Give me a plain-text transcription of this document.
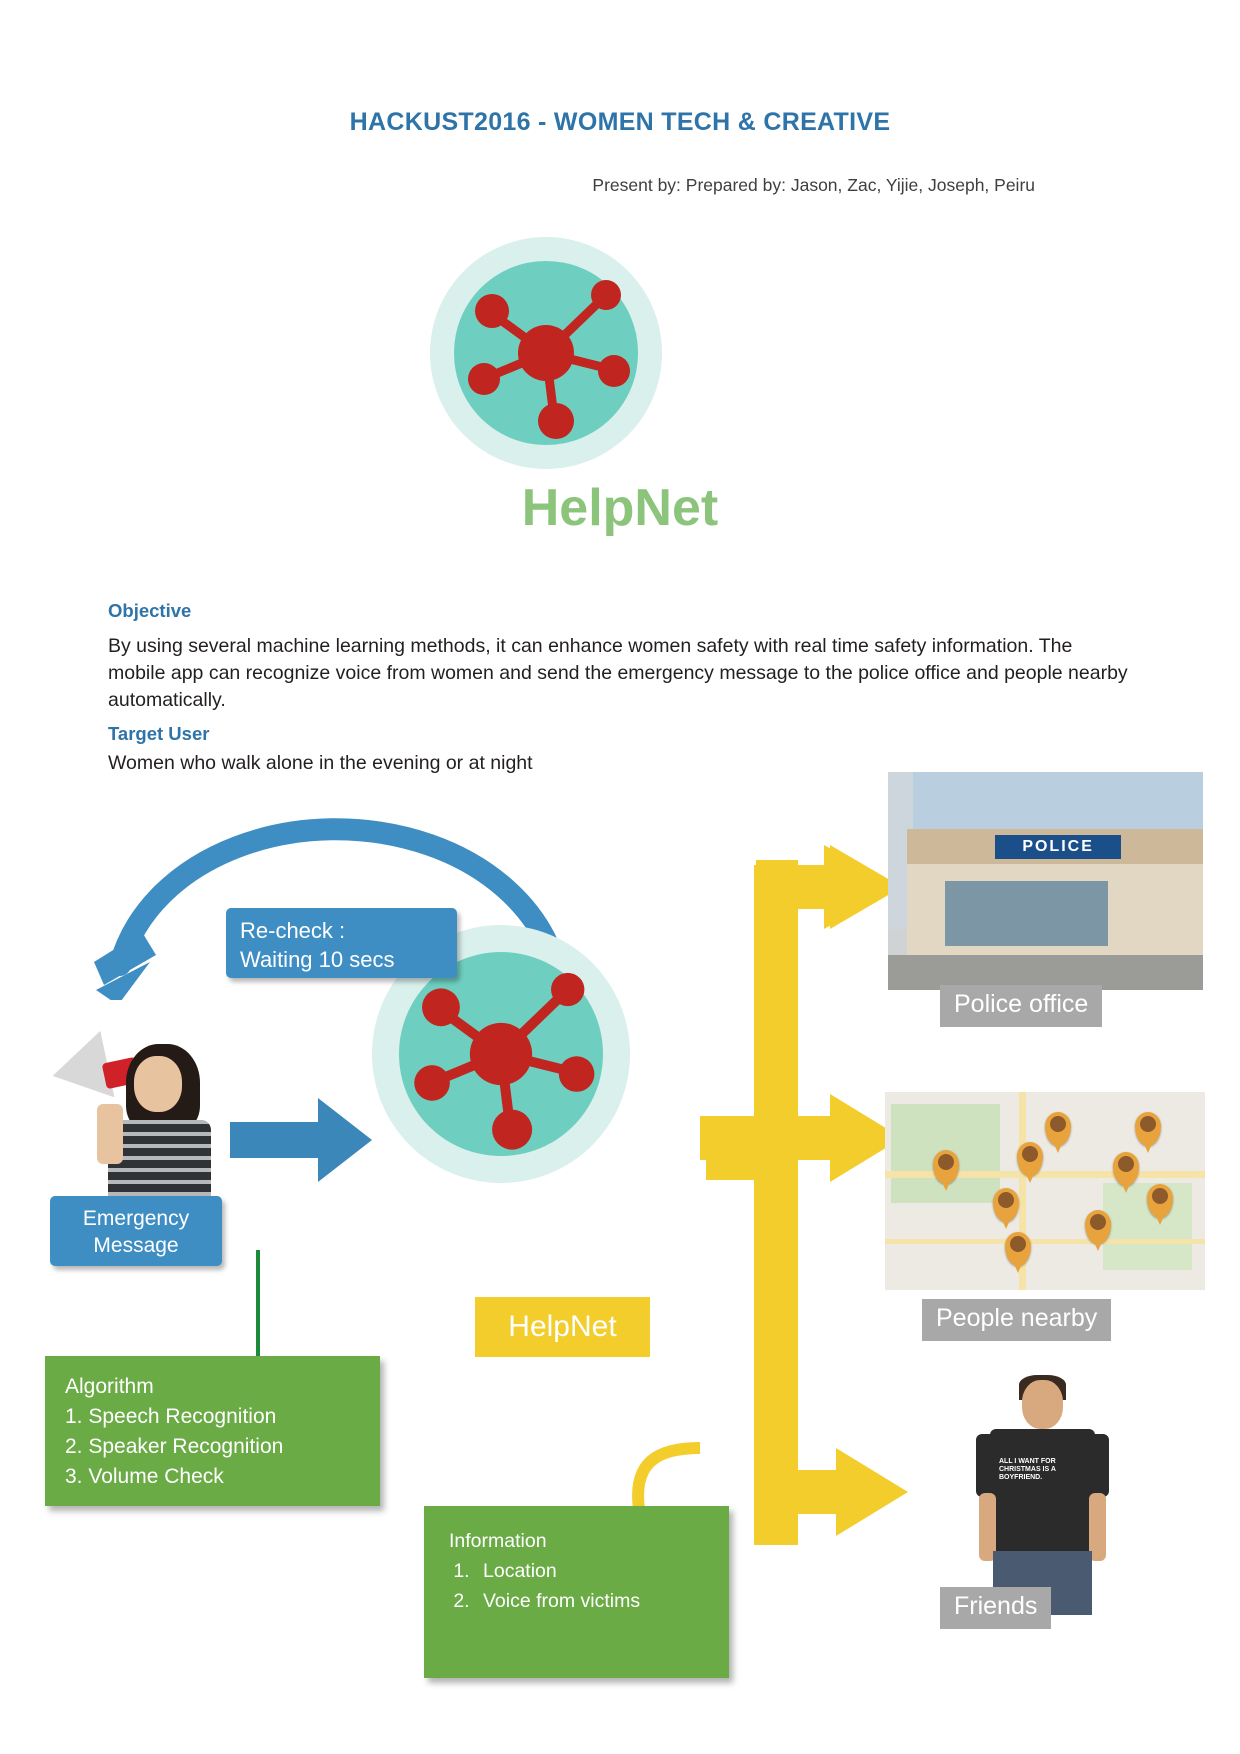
HACKUST2016 - WOMEN TECH & CREATIVE
Present by: Prepared by: Jason, Zac, Yijie, Joseph, Peiru
HelpNet
Objective
By using several machine learning methods, it can enhance women safety with real time safety information. The mobile app can recognize voice from women and send the emergency message to the police office and people nearby automatically.
Target User
Women who walk alone in the evening or at night
HelpNet
Re-check :
Waiting 10 secs
Emergency
Message
Algorithm
1. Speech Recognition
2. Speaker Recognition
3. Volume Check
Information
1. Location
2. Voice from victims
POLICE
Police office
People nearby
ALL I WANT FOR CHRISTMAS IS A BOYFRIEND.
Friends
